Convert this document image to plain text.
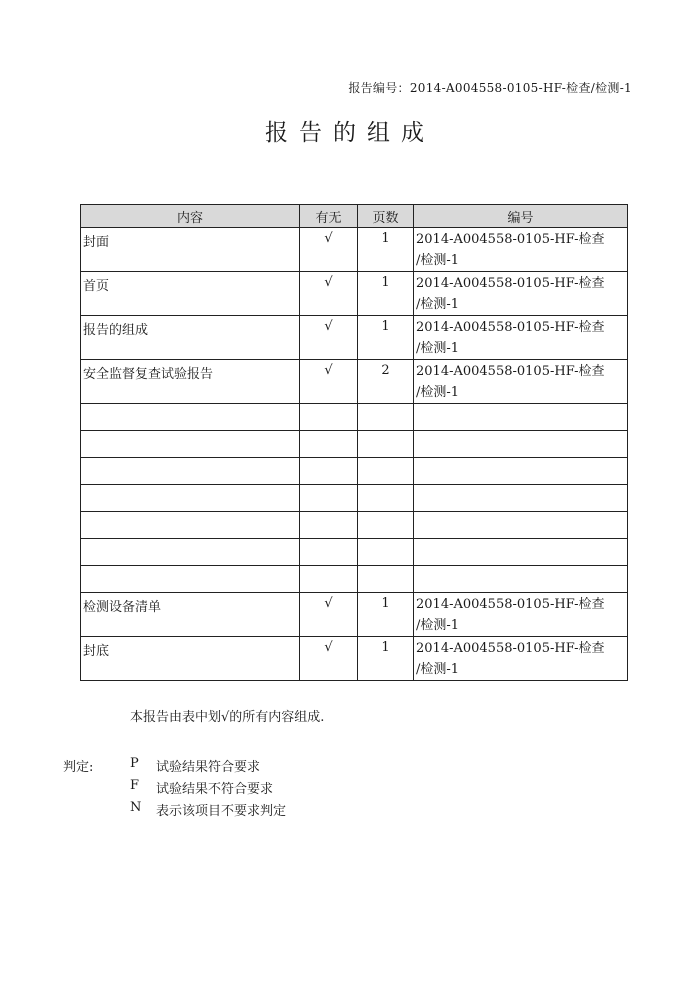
报告编号：2014-A004558-0105-HF-检查/检测-1
报告的组成
内容	有无	页数	编号
封面	√	1	2014-A004558-0105-HF-检查
/检测-1
首页	√	1	2014-A004558-0105-HF-检查
/检测-1
报告的组成	√	1	2014-A004558-0105-HF-检查
/检测-1
安全监督复查试验报告	√	2	2014-A004558-0105-HF-检查
/检测-1

检测设备清单	√	1	2014-A004558-0105-HF-检查
/检测-1
封底	√	1	2014-A004558-0105-HF-检查
/检测-1
本报告由表中划√的所有内容组成.
判定:	P	试验结果符合要求
F	试验结果不符合要求
N	表示该项目不要求判定
